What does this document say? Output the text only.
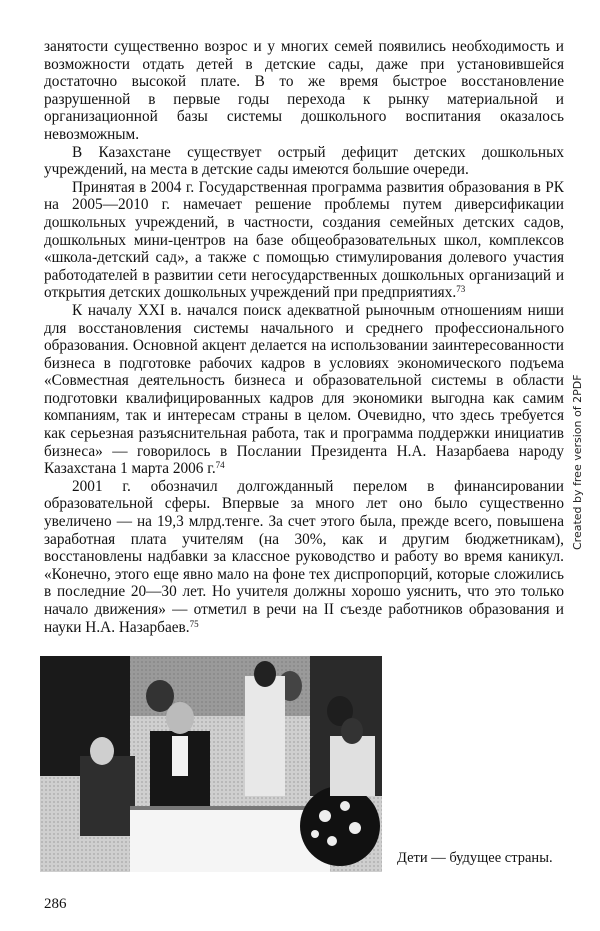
занятости существенно возрос и у многих семей появились необходимость и возможности отдать детей в детские сады, даже при установившейся достаточно высокой плате. В то же время быстрое восстановление разрушенной в первые годы перехода к рынку материальной и организационной базы системы дошкольного воспитания оказалось невозможным.

В Казахстане существует острый дефицит детских дошкольных учреждений, на места в детские сады имеются большие очереди.

Принятая в 2004 г. Государственная программа развития образования в РК на 2005—2010 г. намечает решение проблемы путем диверсификации дошкольных учреждений, в частности, создания семейных детских садов, дошкольных мини-центров на базе общеобразовательных школ, комплексов «школа-детский сад», а также с помощью стимулирования долевого участия работодателей в развитии сети негосударственных дошкольных организаций и открытия детских дошкольных учреждений при предприятиях.$^{73}$

К началу XXI в. начался поиск адекватной рыночным отношениям ниши для восстановления системы начального и среднего профессионального образования. Основной акцент делается на использовании заинтересованности бизнеса в подготовке рабочих кадров в условиях экономического подъема «Совместная деятельность бизнеса и образовательной системы в области подготовки квалифицированных кадров для экономики выгодна как самим компаниям, так и интересам страны в целом. Очевидно, что здесь требуется как серьезная разъяснительная работа, так и программа поддержки инициатив бизнеса» — говорилось в Послании Президента Н.А. Назарбаева народу Казахстана 1 марта 2006 г.$^{74}$

2001 г. обозначил долгожданный перелом в финансировании образовательной сферы. Впервые за много лет оно было существенно увеличено — на 19,3 млрд.тенге. За счет этого была, прежде всего, повышена заработная плата учителям (на 30%, как и другим бюджетникам), восстановлены надбавки за классное руководство и работу во время каникул. «Конечно, этого еще явно мало на фоне тех диспропорций, которые сложились в последние 20—30 лет. Но учителя должны хорошо уяснить, что это только начало движения» — отметил в речи на II съезде работников образования и науки Н.А. Назарбаев.$^{75}$

Created by free version of 2PDF
Дети — будущее страны.
286
